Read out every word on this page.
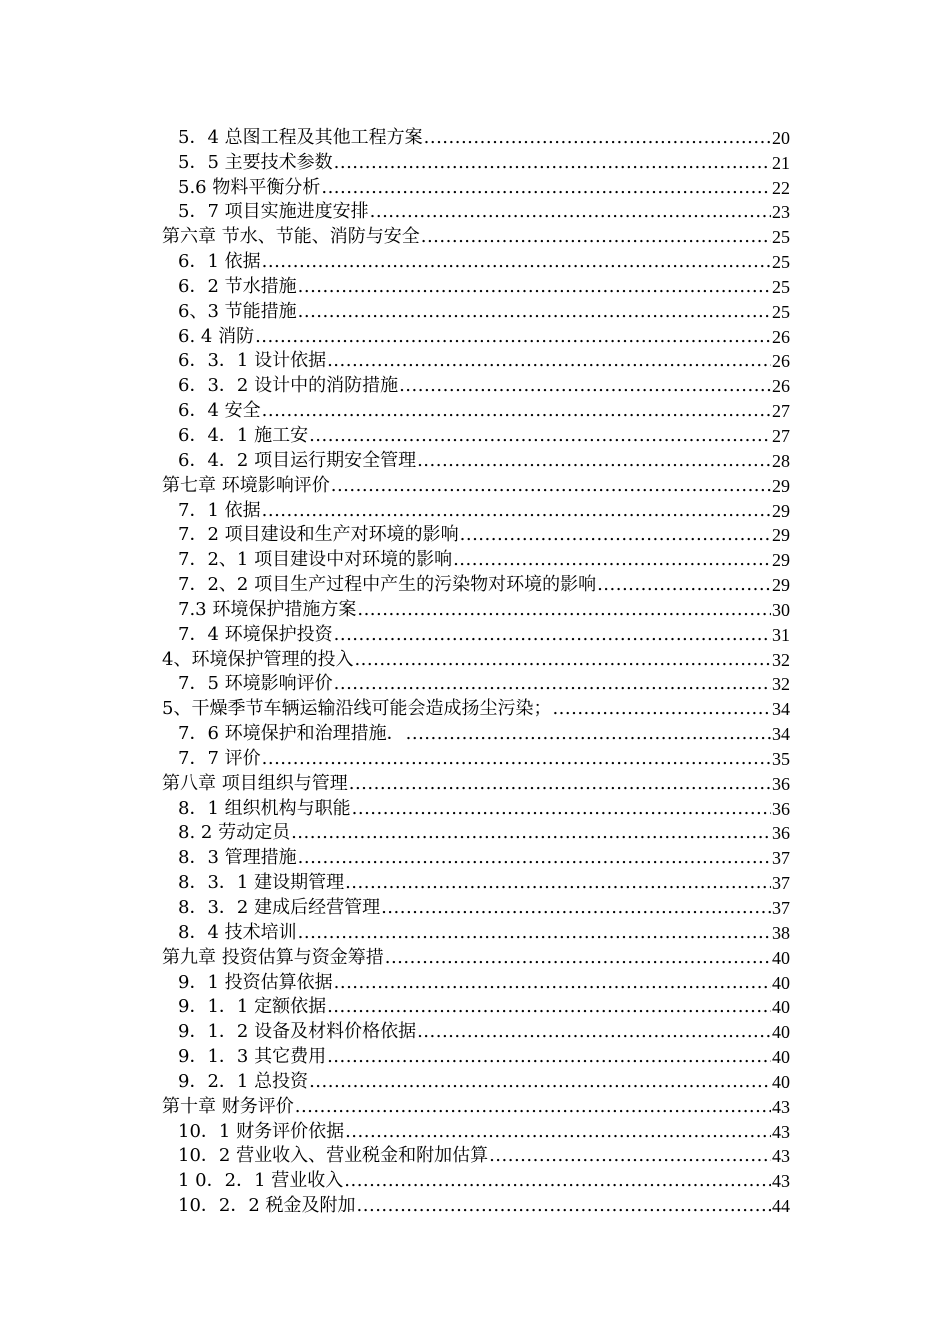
5．4 总图工程及其他工程方案 .....	20
5．5 主要技术参数 .....	21
5.6 物料平衡分析 .....	22
5．7 项目实施进度安排 .....	23
第六章 节水、节能、消防与安全 .....	25
6．1 依据 .....	25
6．2 节水措施 .....	25
6、3 节能措施 .....	25
6. 4 消防 .....	26
6．3．1 设计依据 .....	26
6．3．2 设计中的消防措施 .....	26
6．4 安全 .....	27
6．4．1 施工安 .....	27
6．4．2 项目运行期安全管理 .....	28
第七章 环境影响评价 .....	29
7．1 依据 .....	29
7．2 项目建设和生产对环境的影响 .....	29
7．2、1 项目建设中对环境的影响 .....	29
7．2、2 项目生产过程中产生的污染物对环境的影响 .....	29
7.3 环境保护措施方案 .....	30
7．4 环境保护投资 .....	31
4、环境保护管理的投入 .....	32
7．5 环境影响评价 .....	32
5、干燥季节车辆运输沿线可能会造成扬尘污染； .....	34
7．6 环境保护和治理措施． .....	34
7．7 评价 .....	35
第八章 项目组织与管理 .....	36
8．1 组织机构与职能 .....	36
8. 2 劳动定员 .....	36
8．3 管理措施 .....	37
8．3．1 建设期管理 .....	37
8．3．2 建成后经营管理 .....	37
8．4 技术培训 .....	38
第九章 投资估算与资金筹措 .....	40
9．1 投资估算依据 .....	40
9．1．1 定额依据 .....	40
9．1．2 设备及材料价格依据 .....	40
9．1．3 其它费用 .....	40
9．2．1 总投资 .....	40
第十章 财务评价 .....	43
10．1 财务评价依据 .....	43
10．2 营业收入、营业税金和附加估算 .....	43
1 0．2．1 营业收入 .....	43
10．2．2 税金及附加 .....	44
